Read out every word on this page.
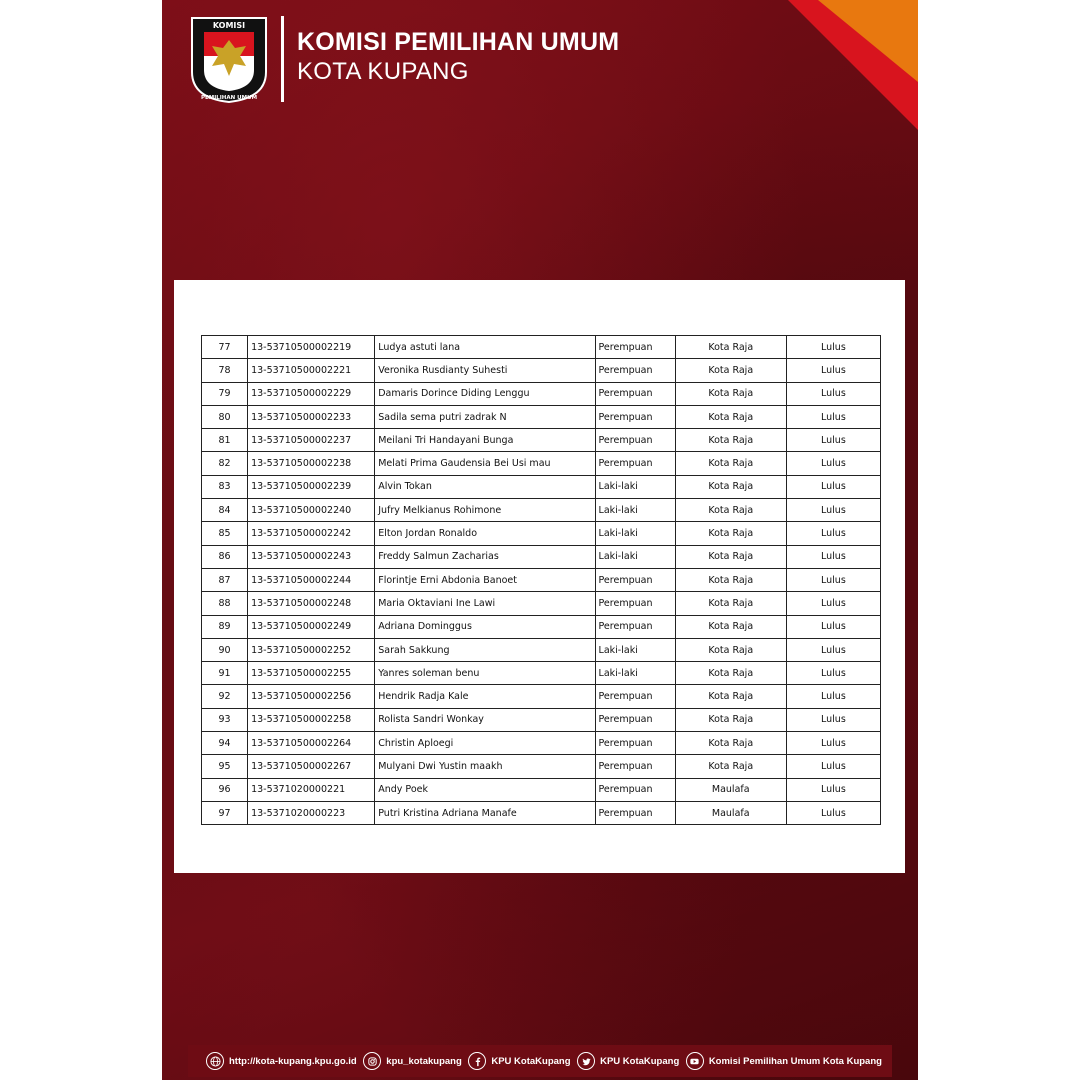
KOMISI
PEMILIHAN UMUM
KOMISI PEMILIHAN UMUM
KOTA KUPANG
77	13-53710500002219	Ludya astuti lana	Perempuan	Kota Raja	Lulus
78	13-53710500002221	Veronika Rusdianty Suhesti	Perempuan	Kota Raja	Lulus
79	13-53710500002229	Damaris Dorince Diding Lenggu	Perempuan	Kota Raja	Lulus
80	13-53710500002233	Sadila sema putri zadrak N	Perempuan	Kota Raja	Lulus
81	13-53710500002237	Meilani Tri Handayani Bunga	Perempuan	Kota Raja	Lulus
82	13-53710500002238	Melati Prima Gaudensia Bei Usi mau	Perempuan	Kota Raja	Lulus
83	13-53710500002239	Alvin Tokan	Laki-laki	Kota Raja	Lulus
84	13-53710500002240	Jufry Melkianus Rohimone	Laki-laki	Kota Raja	Lulus
85	13-53710500002242	Elton Jordan Ronaldo	Laki-laki	Kota Raja	Lulus
86	13-53710500002243	Freddy Salmun Zacharias	Laki-laki	Kota Raja	Lulus
87	13-53710500002244	Florintje Erni Abdonia Banoet	Perempuan	Kota Raja	Lulus
88	13-53710500002248	Maria Oktaviani Ine Lawi	Perempuan	Kota Raja	Lulus
89	13-53710500002249	Adriana Dominggus	Perempuan	Kota Raja	Lulus
90	13-53710500002252	Sarah Sakkung	Laki-laki	Kota Raja	Lulus
91	13-53710500002255	Yanres soleman benu	Laki-laki	Kota Raja	Lulus
92	13-53710500002256	Hendrik Radja Kale	Perempuan	Kota Raja	Lulus
93	13-53710500002258	Rolista Sandri Wonkay	Perempuan	Kota Raja	Lulus
94	13-53710500002264	Christin Aploegi	Perempuan	Kota Raja	Lulus
95	13-53710500002267	Mulyani Dwi Yustin maakh	Perempuan	Kota Raja	Lulus
96	13-5371020000221	Andy Poek	Perempuan	Maulafa	Lulus
97	13-5371020000223	Putri Kristina Adriana Manafe	Perempuan	Maulafa	Lulus
http://kota-kupang.kpu.go.id	kpu_kotakupang	KPU KotaKupang	KPU KotaKupang	Komisi Pemilihan Umum Kota Kupang
